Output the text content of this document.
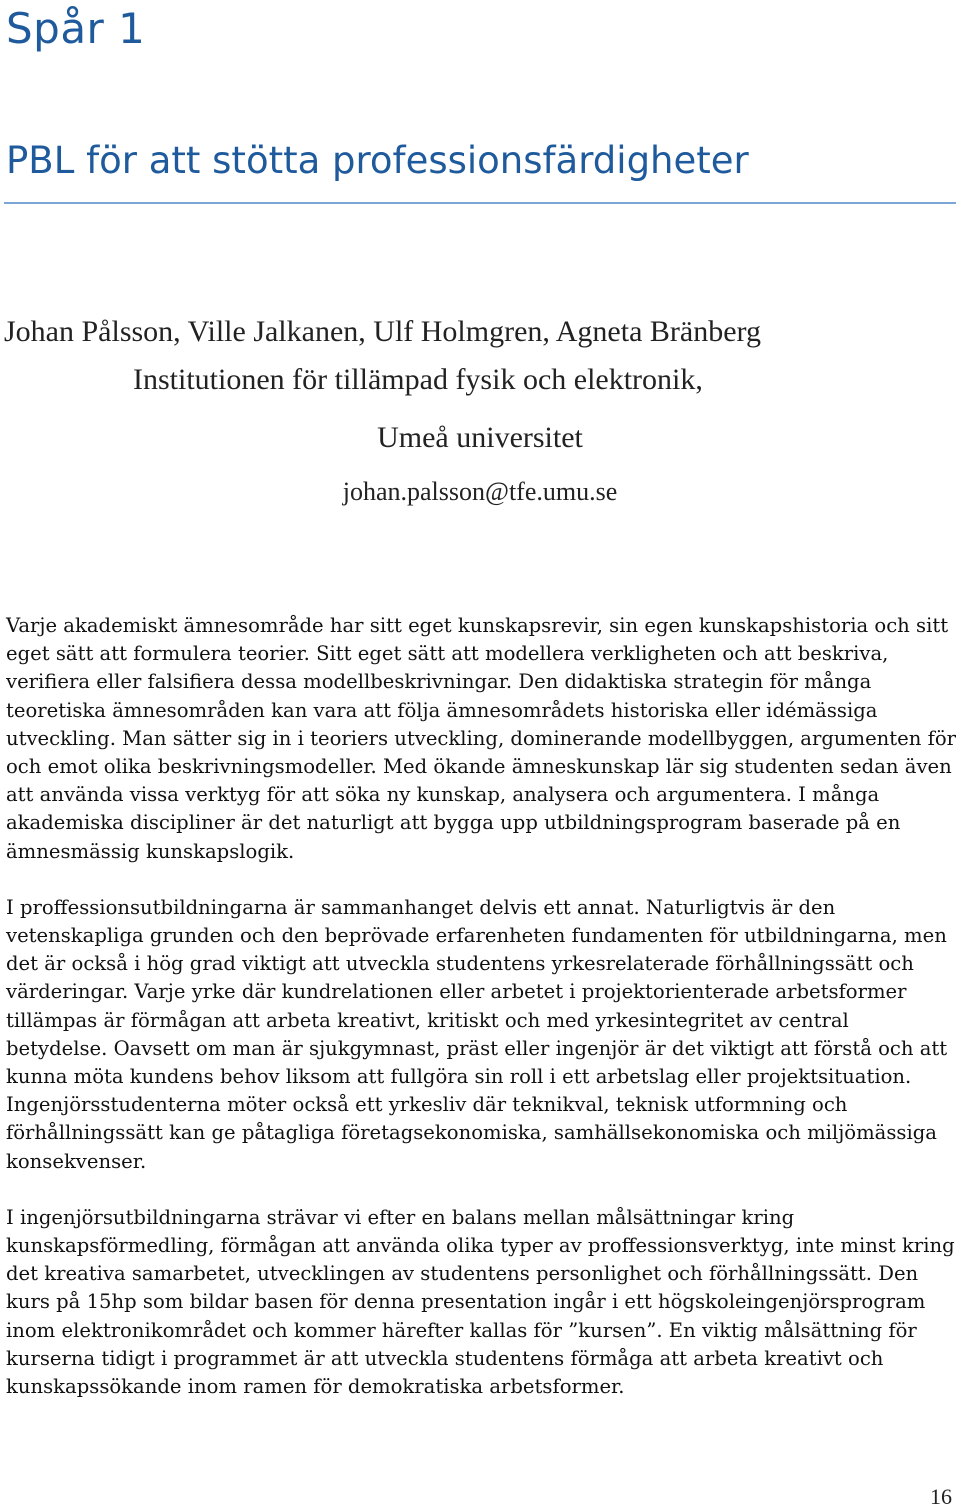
Spår 1
PBL för att stötta professionsfärdigheter
Johan Pålsson, Ville Jalkanen, Ulf Holmgren, Agneta Bränberg
Institutionen för tillämpad fysik och elektronik,
Umeå universitet
johan.palsson@tfe.umu.se

Varje akademiskt ämnesområde har sitt eget kunskapsrevir, sin egen kunskapshistoria och sitt eget sätt att formulera teorier. Sitt eget sätt att modellera verkligheten och att beskriva, verifiera eller falsifiera dessa modellbeskrivningar. Den didaktiska strategin för många teoretiska ämnesområden kan vara att följa ämnesområdets historiska eller idémässiga utveckling. Man sätter sig in i teoriers utveckling, dominerande modellbyggen, argumenten för och emot olika beskrivningsmodeller. Med ökande ämneskunskap lär sig studenten sedan även att använda vissa verktyg för att söka ny kunskap, analysera och argumentera. I många akademiska discipliner är det naturligt att bygga upp utbildningsprogram baserade på en ämnesmässig kunskapslogik.

I proffessionsutbildningarna är sammanhanget delvis ett annat. Naturligtvis är den vetenskapliga grunden och den beprövade erfarenheten fundamenten för utbildningarna, men det är också i hög grad viktigt att utveckla studentens yrkesrelaterade förhållningssätt och värderingar. Varje yrke där kundrelationen eller arbetet i projektorienterade arbetsformer tillämpas är förmågan att arbeta kreativt, kritiskt och med yrkesintegritet av central betydelse. Oavsett om man är sjukgymnast, präst eller ingenjör är det viktigt att förstå och att kunna möta kundens behov liksom att fullgöra sin roll i ett arbetslag eller projektsituation. Ingenjörsstudenterna möter också ett yrkesliv där teknikval, teknisk utformning och förhållningssätt kan ge påtagliga företagsekonomiska, samhällsekonomiska och miljömässiga konsekvenser.

I ingenjörsutbildningarna strävar vi efter en balans mellan målsättningar kring kunskapsförmedling, förmågan att använda olika typer av proffessionsverktyg, inte minst kring det kreativa samarbetet, utvecklingen av studentens personlighet och förhållningssätt. Den kurs på 15hp som bildar basen för denna presentation ingår i ett högskoleingenjörsprogram inom elektronikområdet och kommer härefter kallas för ”kursen”. En viktig målsättning för kurserna tidigt i programmet är att utveckla studentens förmåga att arbeta kreativt och kunskapssökande inom ramen för demokratiska arbetsformer.

16
